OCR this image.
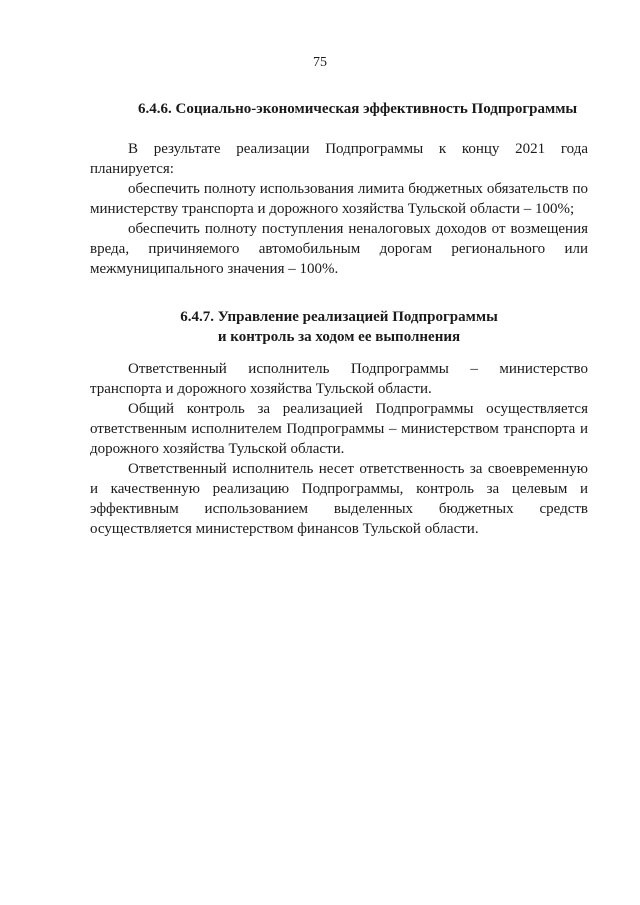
75
6.4.6. Социально-экономическая эффективность Подпрограммы

В результате реализации Подпрограммы к концу 2021 года планируется:

обеспечить полноту использования лимита бюджетных обязательств по министерству транспорта и дорожного хозяйства Тульской области – 100%;

обеспечить полноту поступления неналоговых доходов от возмещения вреда, причиняемого автомобильным дорогам регионального или межмуниципального значения – 100%.

6.4.7. Управление реализацией Подпрограммы
и контроль за ходом ее выполнения

Ответственный исполнитель Подпрограммы – министерство транспорта и дорожного хозяйства Тульской области.

Общий контроль за реализацией Подпрограммы осуществляется ответственным исполнителем Подпрограммы – министерством транспорта и дорожного хозяйства Тульской области.

Ответственный исполнитель несет ответственность за своевременную и качественную реализацию Подпрограммы, контроль за целевым и эффективным использованием выделенных бюджетных средств осуществляется министерством финансов Тульской области.
